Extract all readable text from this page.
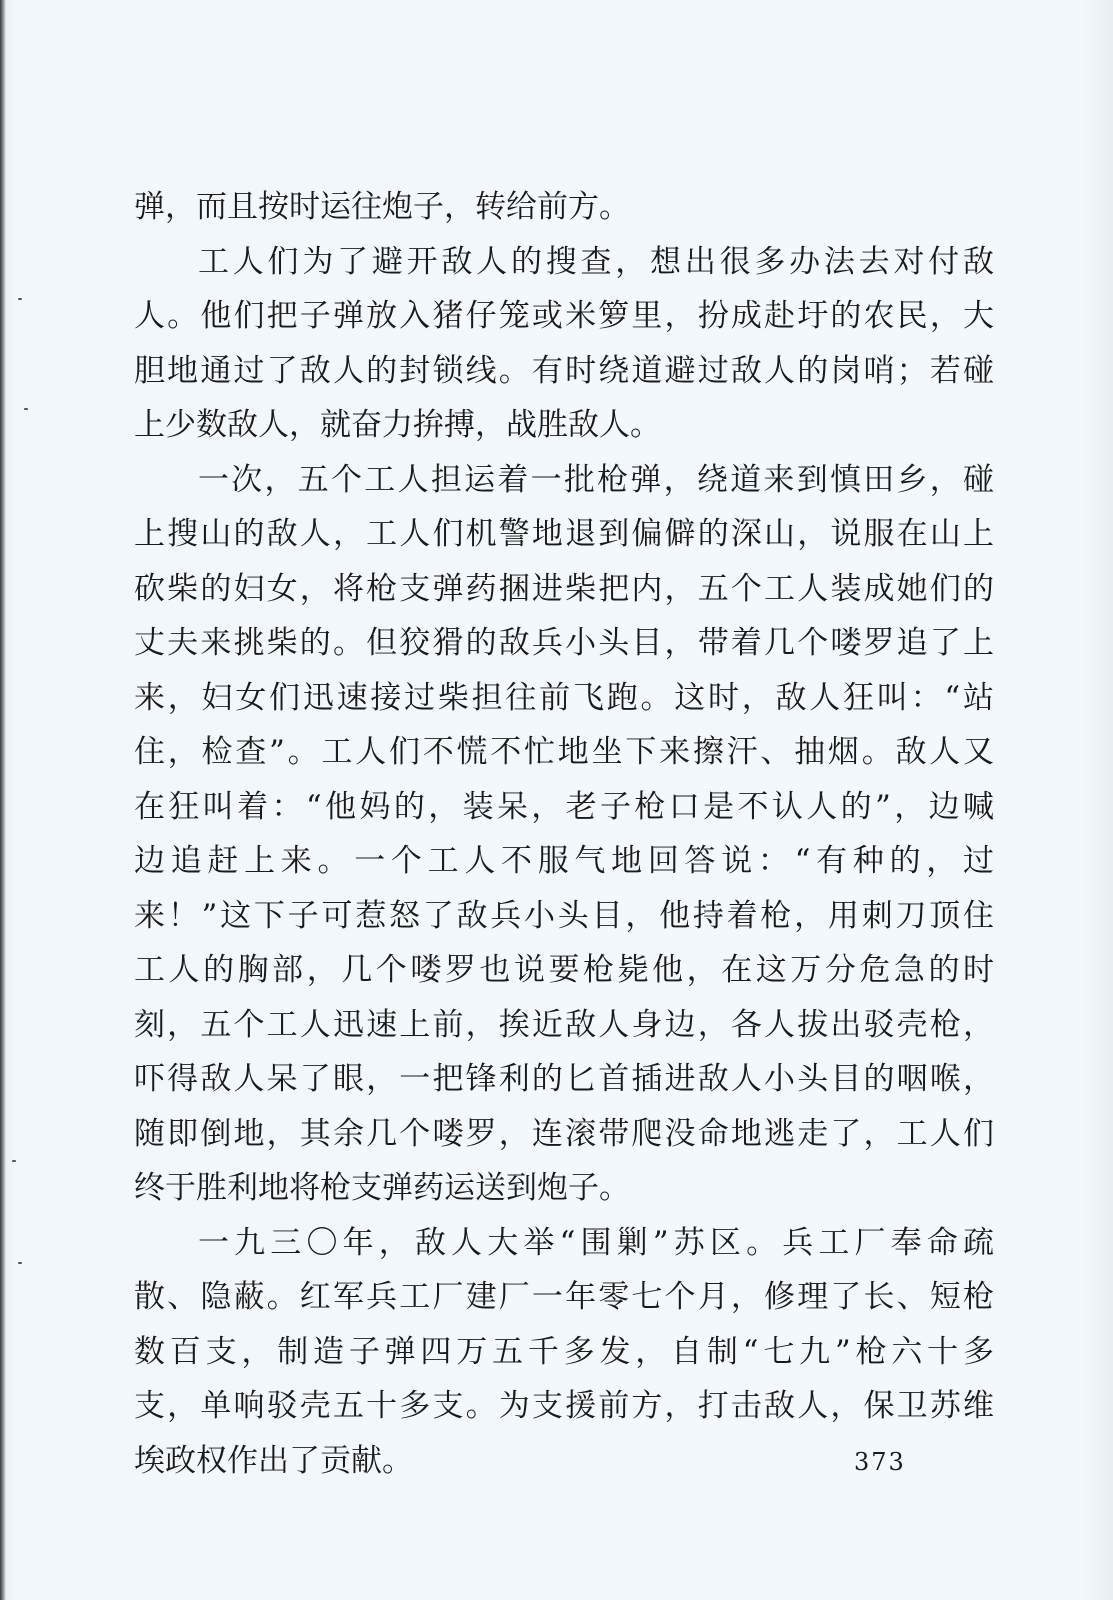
弹，而且按时运往炮子，转给前方。
工人们为了避开敌人的搜查，想出很多办法去对付敌
人。他们把子弹放入猪仔笼或米箩里，扮成赴圩的农民，大
胆地通过了敌人的封锁线。有时绕道避过敌人的岗哨；若碰
上少数敌人，就奋力拚搏，战胜敌人。
一次，五个工人担运着一批枪弹，绕道来到慎田乡，碰
上搜山的敌人，工人们机警地退到偏僻的深山，说服在山上
砍柴的妇女，将枪支弹药捆进柴把内，五个工人装成她们的
丈夫来挑柴的。但狡猾的敌兵小头目，带着几个喽罗追了上
来，妇女们迅速接过柴担往前飞跑。这时，敌人狂叫：“站
住，检查”。工人们不慌不忙地坐下来擦汗、抽烟。敌人又
在狂叫着：“他妈的，装呆，老子枪口是不认人的”，边喊
边追赶上来。一个工人不服气地回答说：“有种的，过
来！”这下子可惹怒了敌兵小头目，他持着枪，用刺刀顶住
工人的胸部，几个喽罗也说要枪毙他，在这万分危急的时
刻，五个工人迅速上前，挨近敌人身边，各人拔出驳壳枪，
吓得敌人呆了眼，一把锋利的匕首插进敌人小头目的咽喉，
随即倒地，其余几个喽罗，连滚带爬没命地逃走了，工人们
终于胜利地将枪支弹药运送到炮子。
一九三〇年，敌人大举“围剿”苏区。兵工厂奉命疏
散、隐蔽。红军兵工厂建厂一年零七个月，修理了长、短枪
数百支，制造子弹四万五千多发，自制“七九”枪六十多
支，单响驳壳五十多支。为支援前方，打击敌人，保卫苏维
埃政权作出了贡献。	373
